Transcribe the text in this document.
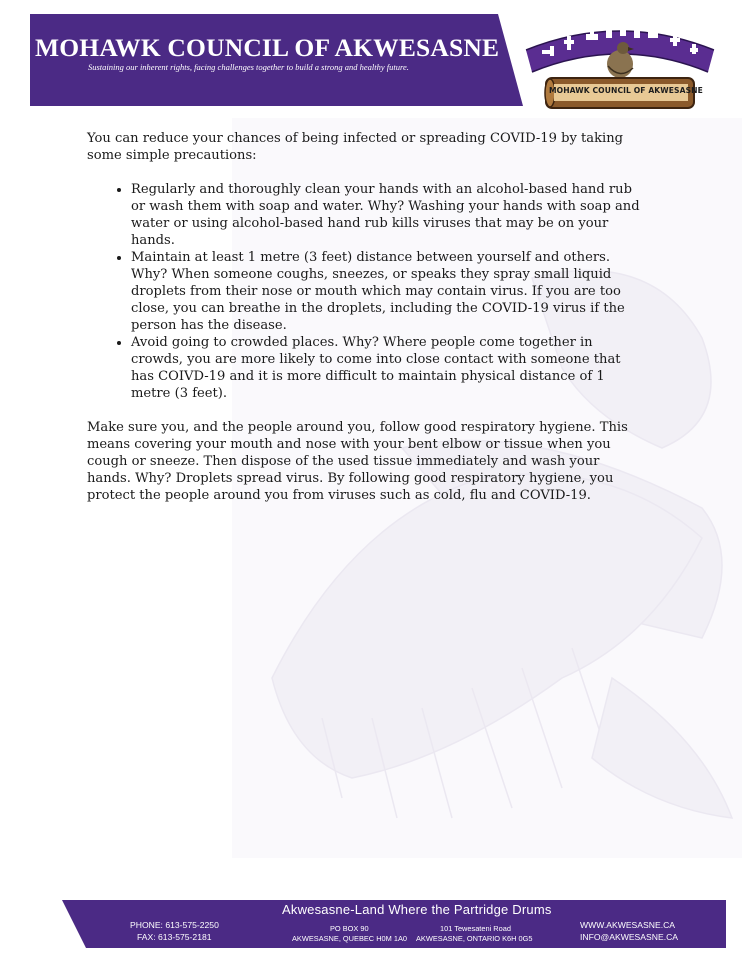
MOHAWK COUNCIL OF AKWESASNE
Sustaining our inherent rights, facing challenges together to build a strong and healthy future.
MOHAWK COUNCIL OF AKWESASNE

You can reduce your chances of being infected or spreading COVID-19 by taking some simple precautions:

• Regularly and thoroughly clean your hands with an alcohol-based hand rub or wash them with soap and water. Why? Washing your hands with soap and water or using alcohol-based hand rub kills viruses that may be on your hands.
• Maintain at least 1 metre (3 feet) distance between yourself and others. Why? When someone coughs, sneezes, or speaks they spray small liquid droplets from their nose or mouth which may contain virus. If you are too close, you can breathe in the droplets, including the COVID-19 virus if the person has the disease.
• Avoid going to crowded places. Why? Where people come together in crowds, you are more likely to come into close contact with someone that has COIVD-19 and it is more difficult to maintain physical distance of 1 metre (3 feet).

Make sure you, and the people around you, follow good respiratory hygiene. This means covering your mouth and nose with your bent elbow or tissue when you cough or sneeze. Then dispose of the used tissue immediately and wash your hands. Why? Droplets spread virus. By following good respiratory hygiene, you protect the people around you from viruses such as cold, flu and COVID-19.

Akwesasne-Land Where the Partridge Drums
PHONE: 613-575-2250
FAX: 613-575-2181
PO BOX 90
AKWESASNE, QUEBEC H0M 1A0
101 Tewesateni Road
AKWESASNE, ONTARIO K6H 0G5
WWW.AKWESASNE.CA
INFO@AKWESASNE.CA
